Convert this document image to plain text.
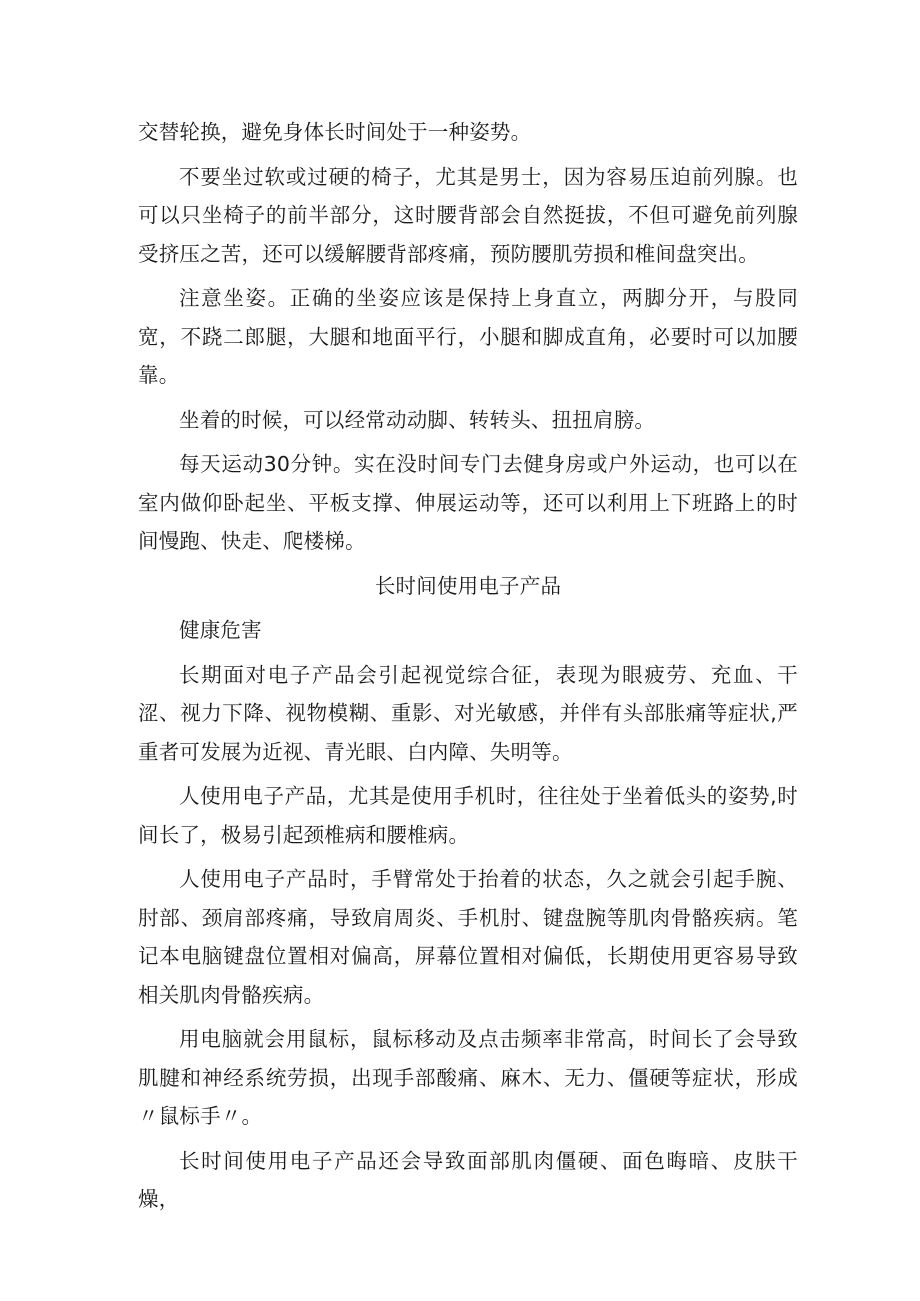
交替轮换，避免身体长时间处于一种姿势。

不要坐过软或过硬的椅子，尤其是男士，因为容易压迫前列腺。也可以只坐椅子的前半部分，这时腰背部会自然挺拔，不但可避免前列腺受挤压之苦，还可以缓解腰背部疼痛，预防腰肌劳损和椎间盘突出。

注意坐姿。正确的坐姿应该是保持上身直立，两脚分开，与股同宽，不跷二郎腿，大腿和地面平行，小腿和脚成直角，必要时可以加腰靠。

坐着的时候，可以经常动动脚、转转头、扭扭肩膀。

每天运动30分钟。实在没时间专门去健身房或户外运动，也可以在室内做仰卧起坐、平板支撑、伸展运动等，还可以利用上下班路上的时间慢跑、快走、爬楼梯。

长时间使用电子产品
健康危害

长期面对电子产品会引起视觉综合征，表现为眼疲劳、充血、干涩、视力下降、视物模糊、重影、对光敏感，并伴有头部胀痛等症状,严重者可发展为近视、青光眼、白内障、失明等。

人使用电子产品，尤其是使用手机时，往往处于坐着低头的姿势,时间长了，极易引起颈椎病和腰椎病。

人使用电子产品时，手臂常处于抬着的状态，久之就会引起手腕、肘部、颈肩部疼痛，导致肩周炎、手机肘、键盘腕等肌肉骨骼疾病。笔记本电脑键盘位置相对偏高，屏幕位置相对偏低，长期使用更容易导致相关肌肉骨骼疾病。

用电脑就会用鼠标，鼠标移动及点击频率非常高，时间长了会导致肌腱和神经系统劳损，出现手部酸痛、麻木、无力、僵硬等症状，形成〃鼠标手〃。

长时间使用电子产品还会导致面部肌肉僵硬、面色晦暗、皮肤干燥，
